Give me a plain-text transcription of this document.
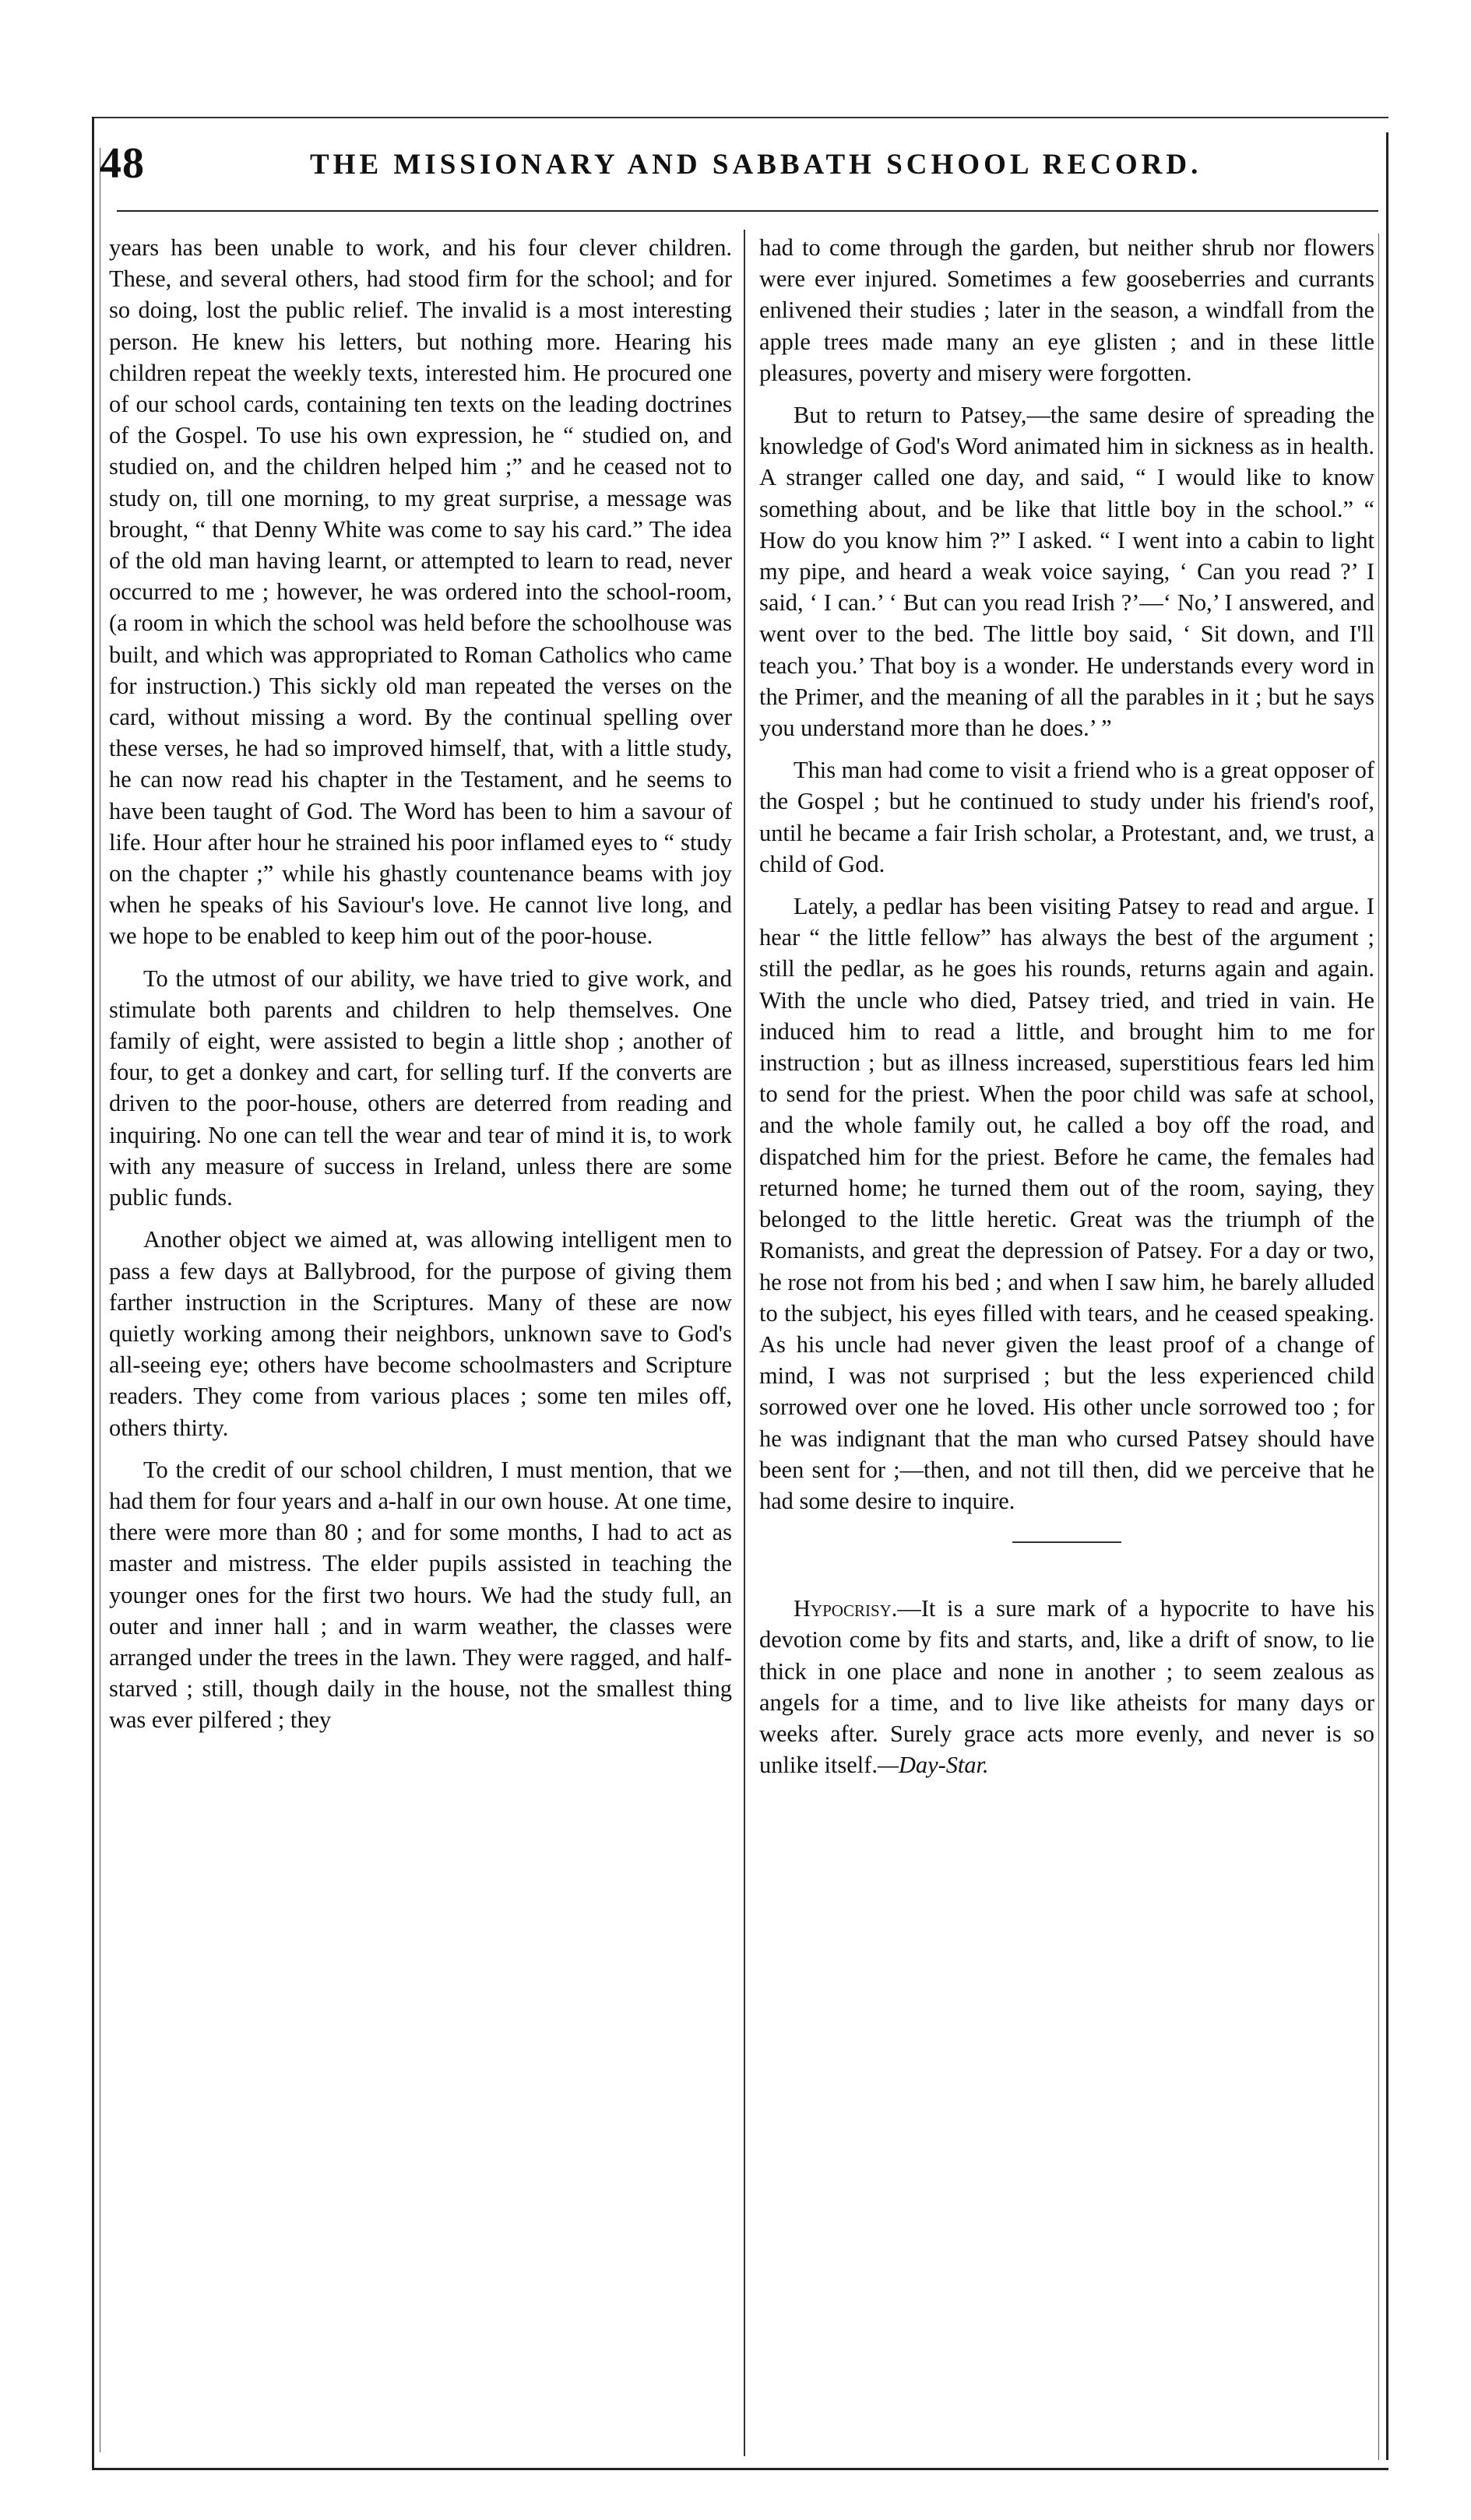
48	THE MISSIONARY AND SABBATH SCHOOL RECORD.

years has been unable to work, and his four clever children. These, and several others, had stood firm for the school; and for so doing, lost the public relief. The invalid is a most interesting person. He knew his letters, but nothing more. Hearing his children repeat the weekly texts, interested him. He procured one of our school cards, containing ten texts on the leading doctrines of the Gospel. To use his own expression, he “ studied on, and studied on, and the children helped him ;” and he ceased not to study on, till one morning, to my great surprise, a message was brought, “ that Denny White was come to say his card.” The idea of the old man having learnt, or attempted to learn to read, never occurred to me ; however, he was ordered into the school-room, (a room in which the school was held before the schoolhouse was built, and which was appropriated to Roman Catholics who came for instruction.) This sickly old man repeated the verses on the card, without missing a word. By the continual spelling over these verses, he had so improved himself, that, with a little study, he can now read his chapter in the Testament, and he seems to have been taught of God. The Word has been to him a savour of life. Hour after hour he strained his poor inflamed eyes to “ study on the chapter ;” while his ghastly countenance beams with joy when he speaks of his Saviour's love. He cannot live long, and we hope to be enabled to keep him out of the poor-house.

To the utmost of our ability, we have tried to give work, and stimulate both parents and children to help themselves. One family of eight, were assisted to begin a little shop ; another of four, to get a donkey and cart, for selling turf. If the converts are driven to the poor-house, others are deterred from reading and inquiring. No one can tell the wear and tear of mind it is, to work with any measure of success in Ireland, unless there are some public funds.

Another object we aimed at, was allowing intelligent men to pass a few days at Ballybrood, for the purpose of giving them farther instruction in the Scriptures. Many of these are now quietly working among their neighbors, unknown save to God's all-seeing eye; others have become schoolmasters and Scripture readers. They come from various places ; some ten miles off, others thirty.

To the credit of our school children, I must mention, that we had them for four years and a-half in our own house. At one time, there were more than 80 ; and for some months, I had to act as master and mistress. The elder pupils assisted in teaching the younger ones for the first two hours. We had the study full, an outer and inner hall ; and in warm weather, the classes were arranged under the trees in the lawn. They were ragged, and half-starved ; still, though daily in the house, not the smallest thing was ever pilfered ; they

had to come through the garden, but neither shrub nor flowers were ever injured. Sometimes a few gooseberries and currants enlivened their studies ; later in the season, a windfall from the apple trees made many an eye glisten ; and in these little pleasures, poverty and misery were forgotten.

But to return to Patsey,—the same desire of spreading the knowledge of God's Word animated him in sickness as in health. A stranger called one day, and said, “ I would like to know something about, and be like that little boy in the school.” “ How do you know him ?” I asked. “ I went into a cabin to light my pipe, and heard a weak voice saying, ‘ Can you read ?’ I said, ‘ I can.’ ‘ But can you read Irish ?’—‘ No,’ I answered, and went over to the bed. The little boy said, ‘ Sit down, and I'll teach you.’ That boy is a wonder. He understands every word in the Primer, and the meaning of all the parables in it ; but he says you understand more than he does.’ ”

This man had come to visit a friend who is a great opposer of the Gospel ; but he continued to study under his friend's roof, until he became a fair Irish scholar, a Protestant, and, we trust, a child of God.

Lately, a pedlar has been visiting Patsey to read and argue. I hear “ the little fellow” has always the best of the argument ; still the pedlar, as he goes his rounds, returns again and again. With the uncle who died, Patsey tried, and tried in vain. He induced him to read a little, and brought him to me for instruction ; but as illness increased, superstitious fears led him to send for the priest. When the poor child was safe at school, and the whole family out, he called a boy off the road, and dispatched him for the priest. Before he came, the females had returned home; he turned them out of the room, saying, they belonged to the little heretic. Great was the triumph of the Romanists, and great the depression of Patsey. For a day or two, he rose not from his bed ; and when I saw him, he barely alluded to the subject, his eyes filled with tears, and he ceased speaking. As his uncle had never given the least proof of a change of mind, I was not surprised ; but the less experienced child sorrowed over one he loved. His other uncle sorrowed too ; for he was indignant that the man who cursed Patsey should have been sent for ;—then, and not till then, did we perceive that he had some desire to inquire.

Hypocrisy.—It is a sure mark of a hypocrite to have his devotion come by fits and starts, and, like a drift of snow, to lie thick in one place and none in another ; to seem zealous as angels for a time, and to live like atheists for many days or weeks after. Surely grace acts more evenly, and never is so unlike itself.—Day-Star.
